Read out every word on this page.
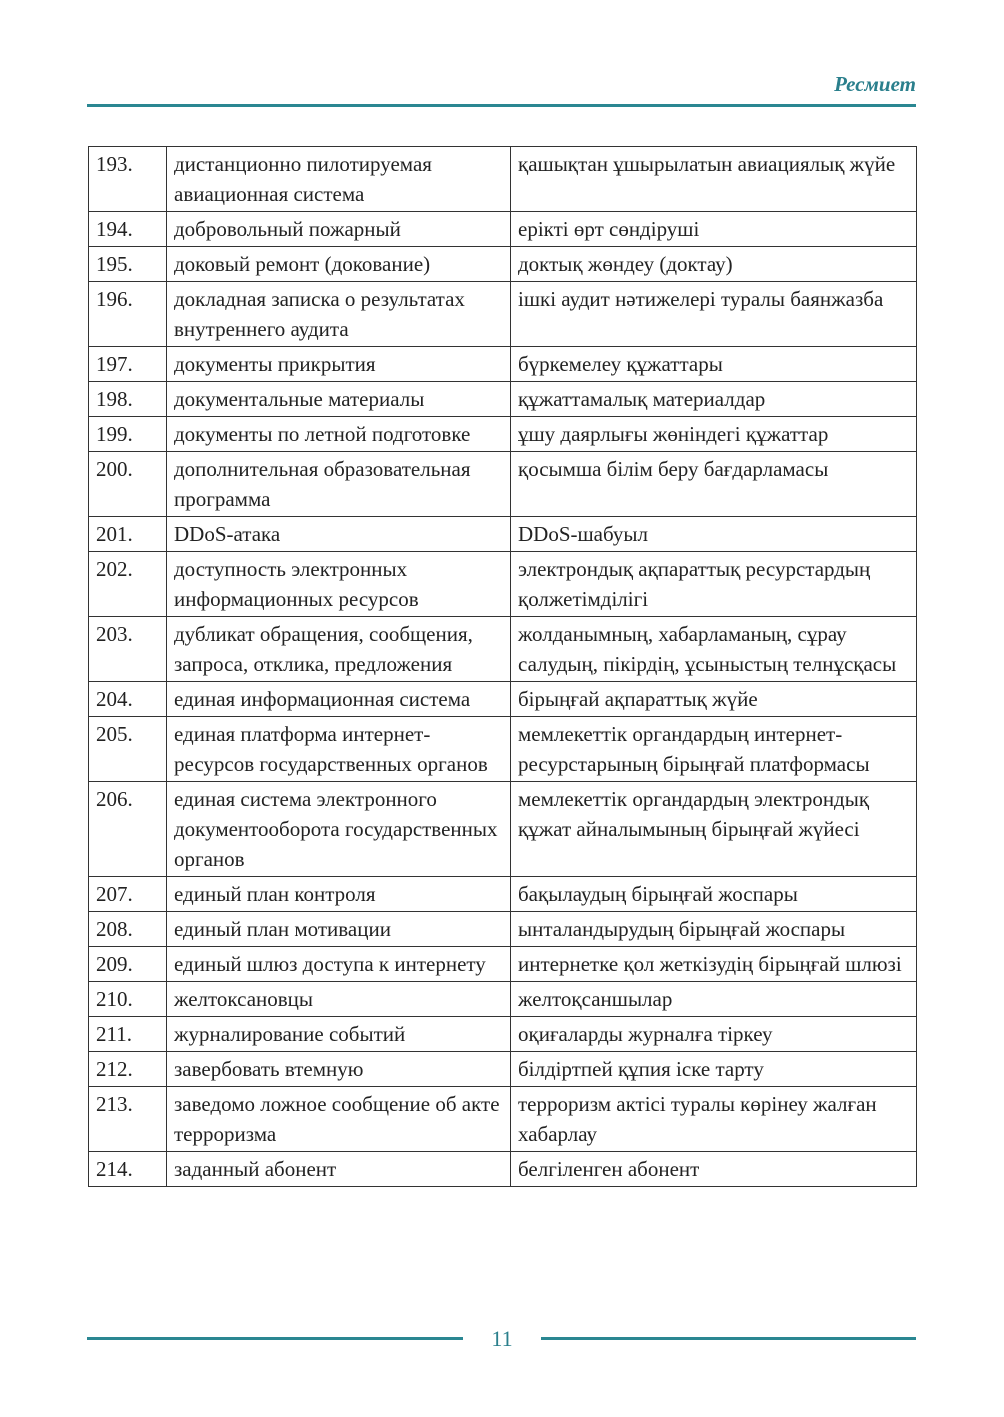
Ресмиет
193.	дистанционно пилотируемая авиационная система	қашықтан ұшырылатын авиациялық жүйе
194.	добровольный пожарный	ерікті өрт сөндіруші
195.	доковый ремонт (докование)	доктық жөндеу (доктау)
196.	докладная записка о результатах внутреннего аудита	ішкі аудит нәтижелері туралы баянжазба
197.	документы прикрытия	бүркемелеу құжаттары
198.	документальные материалы	құжаттамалық материалдар
199.	документы по летной подготовке	ұшу даярлығы жөніндегі құжаттар
200.	дополнительная образовательная программа	қосымша білім беру бағдарламасы
201.	DDoS-атака	DDoS-шабуыл
202.	доступность электронных информационных ресурсов	электрондық ақпараттық ресурстардың қолжетімділігі
203.	дубликат обращения, сообщения, запроса, отклика, предложения	жолданымның, хабарламаның, сұрау салудың, пікірдің, ұсыныстың телнұсқасы
204.	единая информационная система	бірыңғай ақпараттық жүйе
205.	единая платформа интернет-ресурсов государственных органов	мемлекеттік органдардың интернет-ресурстарының бірыңғай платформасы
206.	единая система электронного документооборота государственных органов	мемлекеттік органдардың электрондық құжат айналымының бірыңғай жүйесі
207.	единый план контроля	бақылаудың бірыңғай жоспары
208.	единый план мотивации	ынталандырудың бірыңғай жоспары
209.	единый шлюз доступа к интернету	интернетке қол жеткізудің бірыңғай шлюзі
210.	желтоксановцы	желтоқсаншылар
211.	журналирование событий	оқиғаларды журналға тіркеу
212.	завербовать втемную	білдіртпей құпия іске тарту
213.	заведомо ложное сообщение об акте терроризма	терроризм актісі туралы көрінеу жалған хабарлау
214.	заданный абонент	белгіленген абонент
11
